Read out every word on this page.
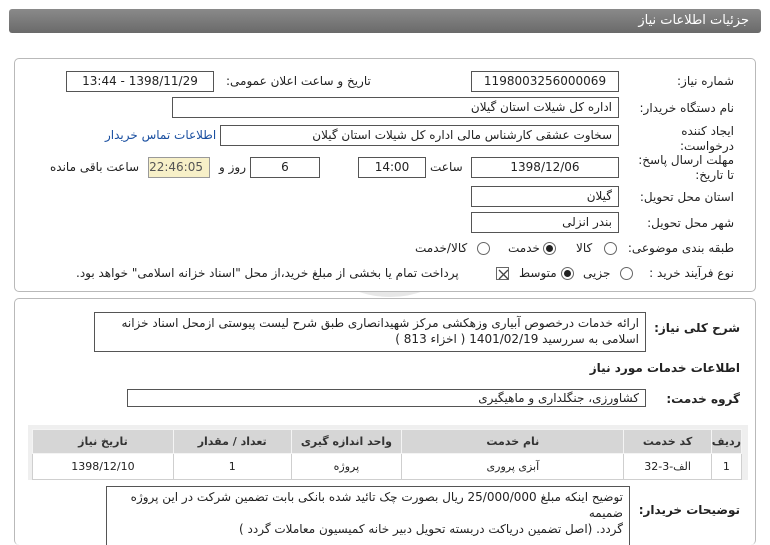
جزئیات اطلاعات نیاز
شماره نیاز:
1198003256000069
تاریخ و ساعت اعلان عمومی:
1398/11/29 - 13:44
نام دستگاه خریدار:
اداره کل شیلات استان گیلان
ایجاد کننده درخواست:
سخاوت عشقی کارشناس مالی اداره کل شیلات استان گیلان
اطلاعات تماس خریدار
مهلت ارسال پاسخ: تا تاریخ:
1398/12/06
ساعت
14:00
6
روز و
22:46:05
ساعت باقی مانده
استان محل تحویل:
گیلان
شهر محل تحویل:
بندر انزلی
طبقه بندی موضوعی:
کالا
خدمت
کالا/خدمت
نوع فرآیند خرید :
جزیی
متوسط
پرداخت تمام یا بخشی از مبلغ خرید،از محل "اسناد خزانه اسلامی" خواهد بود.
شرح کلی نیاز:
ارائه خدمات درخصوص آبیاری وزهکشی مرکز شهیدانصاری طبق شرح لیست پیوستی ازمحل اسناد خزانه
اسلامی به سررسید 1401/02/19 ( اخزاء 813 )
اطلاعات خدمات مورد نیاز
گروه خدمت:
کشاورزی، جنگلداری و ماهیگیری
ردیف	کد خدمت	نام خدمت	واحد اندازه گیری	تعداد / مقدار	تاریخ نیاز
1	الف-3-32	آبزی پروری	پروژه	1	1398/12/10
توضیحات خریدار:
توضیح اینکه مبلغ 25/000/000 ریال بصورت چک تائید شده بانکی بابت تضمین شرکت در این پروژه ضمیمه
گردد. (اصل تضمین دریاکت دربسته تحویل دبیر خانه کمیسیون معاملات گردد )
